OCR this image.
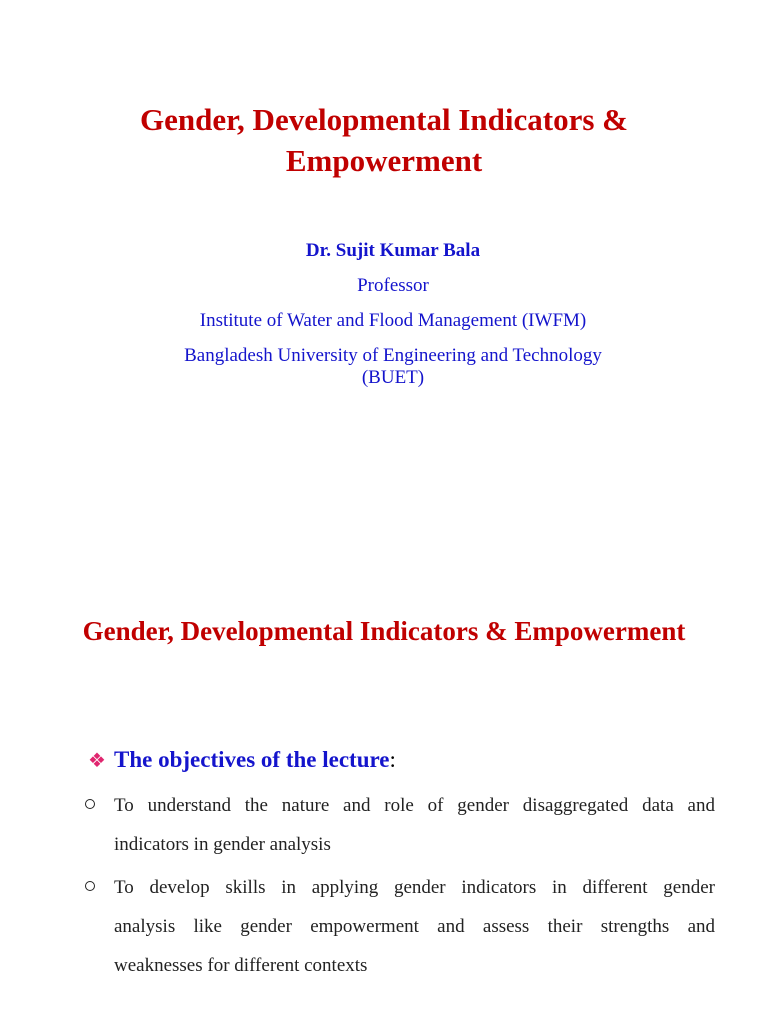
Gender, Developmental Indicators &
Empowerment
Dr. Sujit Kumar Bala
Professor
Institute of Water and Flood Management (IWFM)
Bangladesh University of Engineering and Technology
(BUET)
Gender, Developmental Indicators & Empowerment
❖ The objectives of the lecture:
To understand the nature and role of gender disaggregated data and
indicators in gender analysis
To develop skills in applying gender indicators in different gender
analysis like gender empowerment and assess their strengths and
weaknesses for different contexts
